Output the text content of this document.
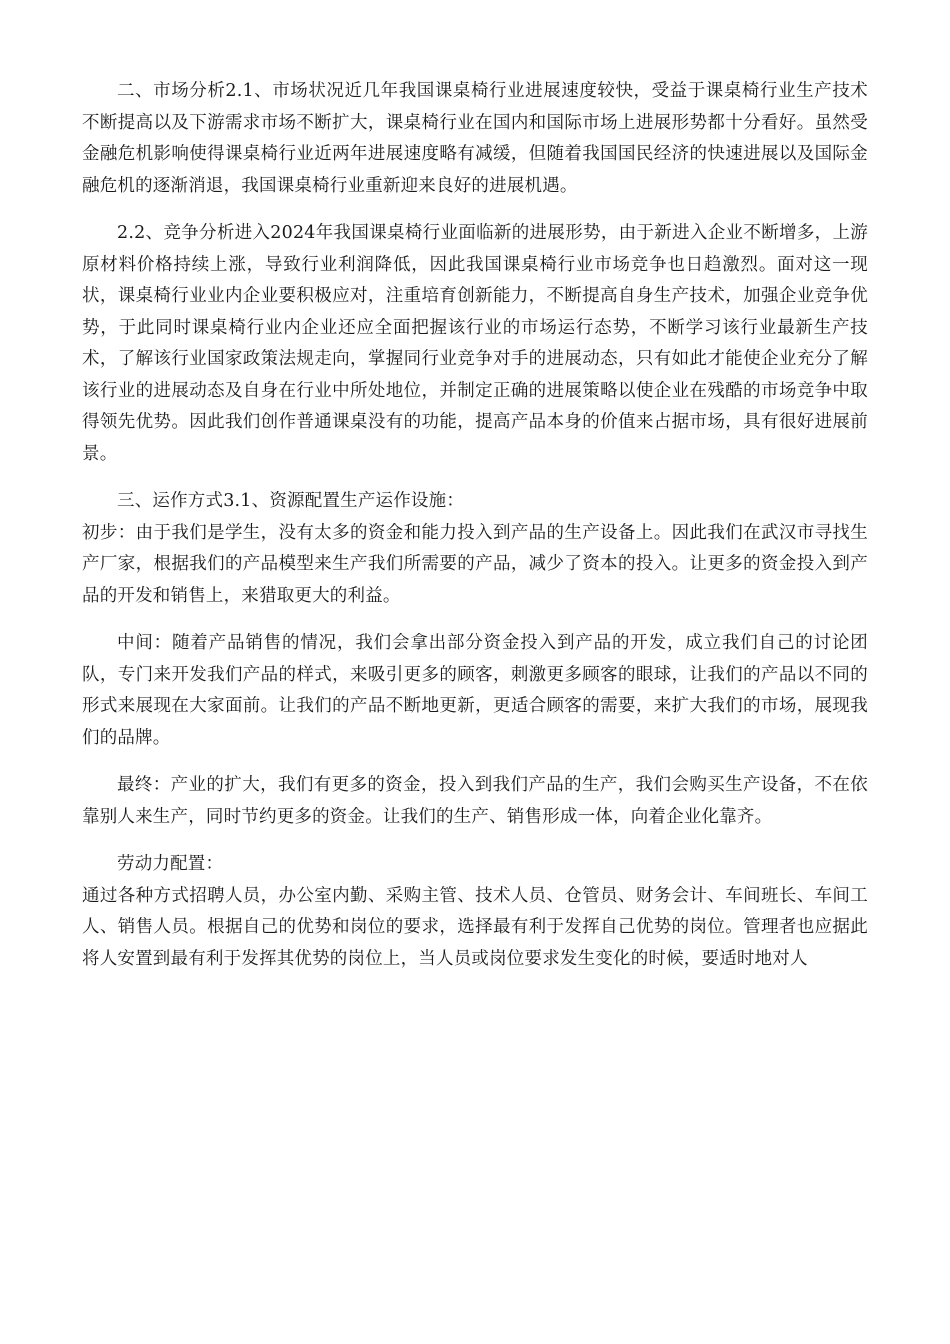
二、市场分析2.1、市场状况近几年我国课桌椅行业进展速度较快，受益于课桌椅行业生产技术不断提高以及下游需求市场不断扩大，课桌椅行业在国内和国际市场上进展形势都十分看好。虽然受金融危机影响使得课桌椅行业近两年进展速度略有减缓，但随着我国国民经济的快速进展以及国际金融危机的逐渐消退，我国课桌椅行业重新迎来良好的进展机遇。

2.2、竞争分析进入2024年我国课桌椅行业面临新的进展形势，由于新进入企业不断增多，上游原材料价格持续上涨，导致行业利润降低，因此我国课桌椅行业市场竞争也日趋激烈。面对这一现状，课桌椅行业业内企业要积极应对，注重培育创新能力，不断提高自身生产技术，加强企业竞争优势，于此同时课桌椅行业内企业还应全面把握该行业的市场运行态势，不断学习该行业最新生产技术，了解该行业国家政策法规走向，掌握同行业竞争对手的进展动态，只有如此才能使企业充分了解该行业的进展动态及自身在行业中所处地位，并制定正确的进展策略以使企业在残酷的市场竞争中取得领先优势。因此我们创作普通课桌没有的功能，提高产品本身的价值来占据市场，具有很好进展前景。

三、运作方式3.1、资源配置生产运作设施：

初步：由于我们是学生，没有太多的资金和能力投入到产品的生产设备上。因此我们在武汉市寻找生产厂家，根据我们的产品模型来生产我们所需要的产品，减少了资本的投入。让更多的资金投入到产品的开发和销售上，来猎取更大的利益。

中间：随着产品销售的情况，我们会拿出部分资金投入到产品的开发，成立我们自己的讨论团队，专门来开发我们产品的样式，来吸引更多的顾客，刺激更多顾客的眼球，让我们的产品以不同的形式来展现在大家面前。让我们的产品不断地更新，更适合顾客的需要，来扩大我们的市场，展现我们的品牌。

最终：产业的扩大，我们有更多的资金，投入到我们产品的生产，我们会购买生产设备，不在依靠别人来生产，同时节约更多的资金。让我们的生产、销售形成一体，向着企业化靠齐。

劳动力配置：

通过各种方式招聘人员，办公室内勤、采购主管、技术人员、仓管员、财务会计、车间班长、车间工人、销售人员。根据自己的优势和岗位的要求，选择最有利于发挥自己优势的岗位。管理者也应据此将人安置到最有利于发挥其优势的岗位上，当人员或岗位要求发生变化的时候，要适时地对人
